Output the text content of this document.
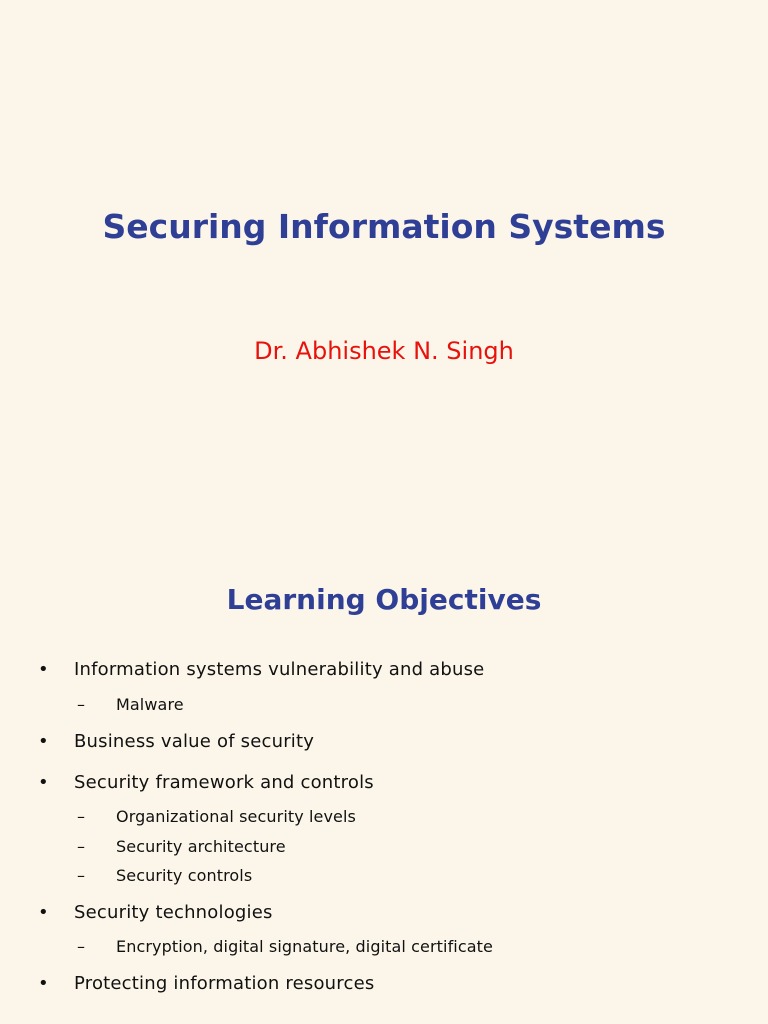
Securing Information Systems
Dr. Abhishek N. Singh
Learning Objectives
• Information systems vulnerability and abuse
– Malware
• Business value of security
• Security framework and controls
– Organizational security levels
– Security architecture
– Security controls
• Security technologies
– Encryption, digital signature, digital certificate
• Protecting information resources
